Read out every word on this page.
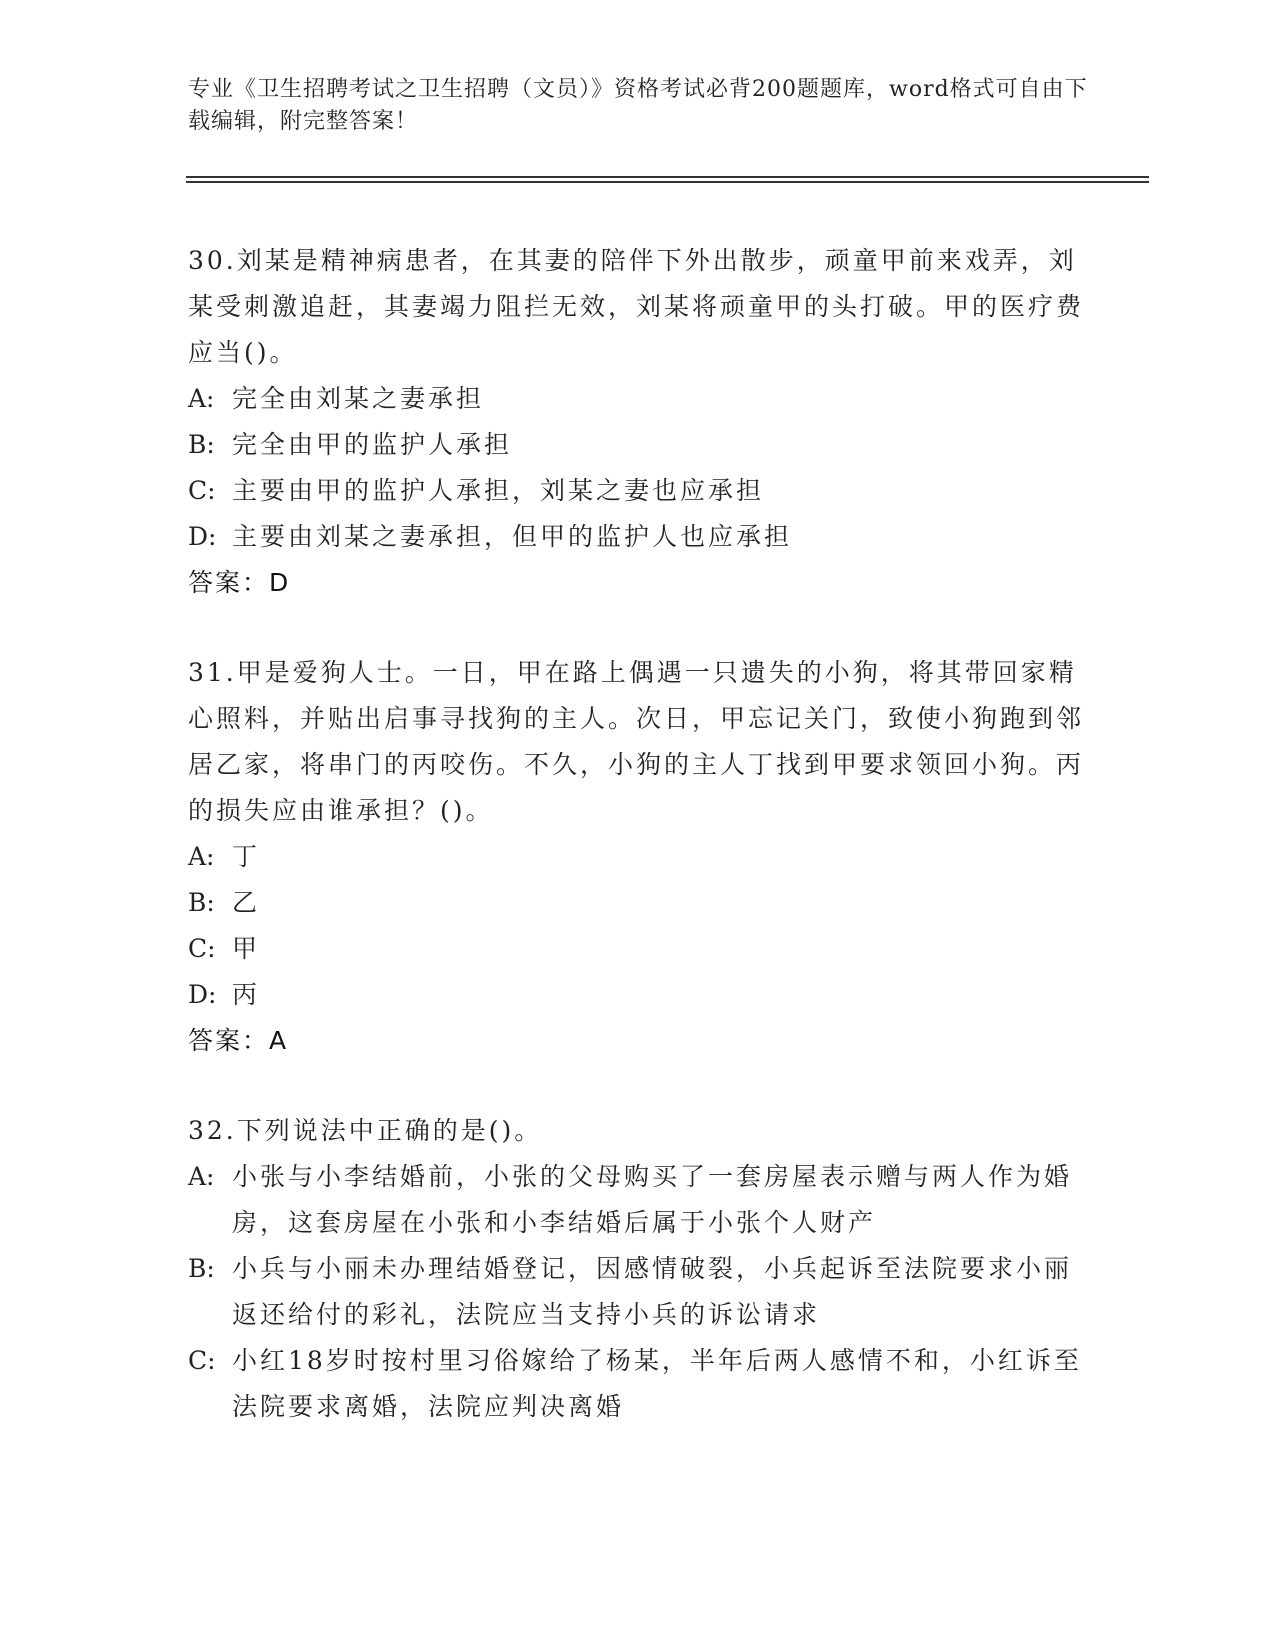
专业《卫生招聘考试之卫生招聘（文员）》资格考试必背200题题库，word格式可自由下载编辑，附完整答案！
30.刘某是精神病患者，在其妻的陪伴下外出散步，顽童甲前来戏弄，刘某受刺激追赶，其妻竭力阻拦无效，刘某将顽童甲的头打破。甲的医疗费应当()。
A: 完全由刘某之妻承担
B: 完全由甲的监护人承担
C: 主要由甲的监护人承担，刘某之妻也应承担
D: 主要由刘某之妻承担，但甲的监护人也应承担
答案：D
31.甲是爱狗人士。一日，甲在路上偶遇一只遗失的小狗，将其带回家精心照料，并贴出启事寻找狗的主人。次日，甲忘记关门，致使小狗跑到邻居乙家，将串门的丙咬伤。不久，小狗的主人丁找到甲要求领回小狗。丙的损失应由谁承担？()。
A: 丁
B: 乙
C: 甲
D: 丙
答案：A
32.下列说法中正确的是()。
A: 小张与小李结婚前，小张的父母购买了一套房屋表示赠与两人作为婚房，这套房屋在小张和小李结婚后属于小张个人财产
B: 小兵与小丽未办理结婚登记，因感情破裂，小兵起诉至法院要求小丽返还给付的彩礼，法院应当支持小兵的诉讼请求
C: 小红18岁时按村里习俗嫁给了杨某，半年后两人感情不和，小红诉至法院要求离婚，法院应判决离婚
